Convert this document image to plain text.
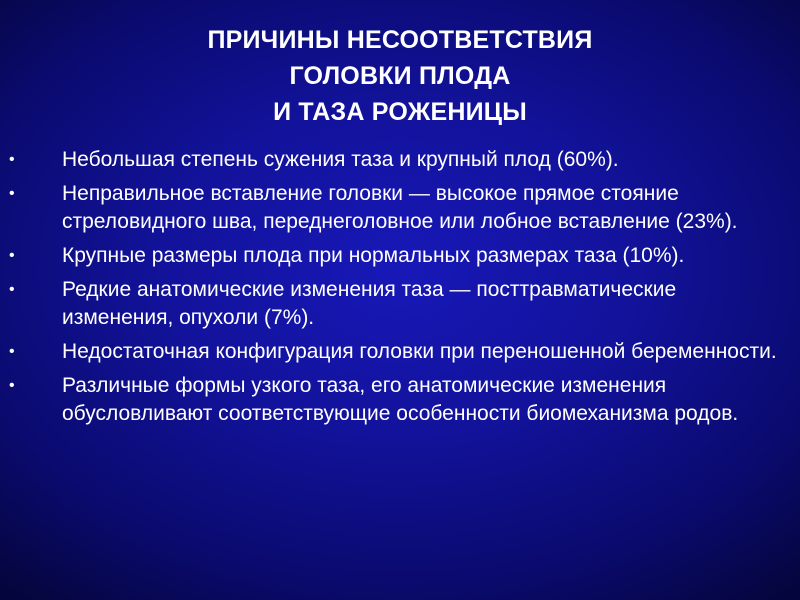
ПРИЧИНЫ НЕСООТВЕТСТВИЯ
ГОЛОВКИ ПЛОДА
И ТАЗА РОЖЕНИЦЫ
• Небольшая степень сужения таза и крупный плод (60%).
• Неправильное вставление головки — высокое прямое стояние стреловидного шва, переднеголовное или лобное вставление (23%).
• Крупные размеры плода при нормальных размерах таза (10%).
• Редкие анатомические изменения таза — посттравматические изменения, опухоли (7%).
• Недостаточная конфигурация головки при переношенной беременности.
• Различные формы узкого таза, его анатомические изменения обусловливают соответствующие особенности биомеханизма родов.
